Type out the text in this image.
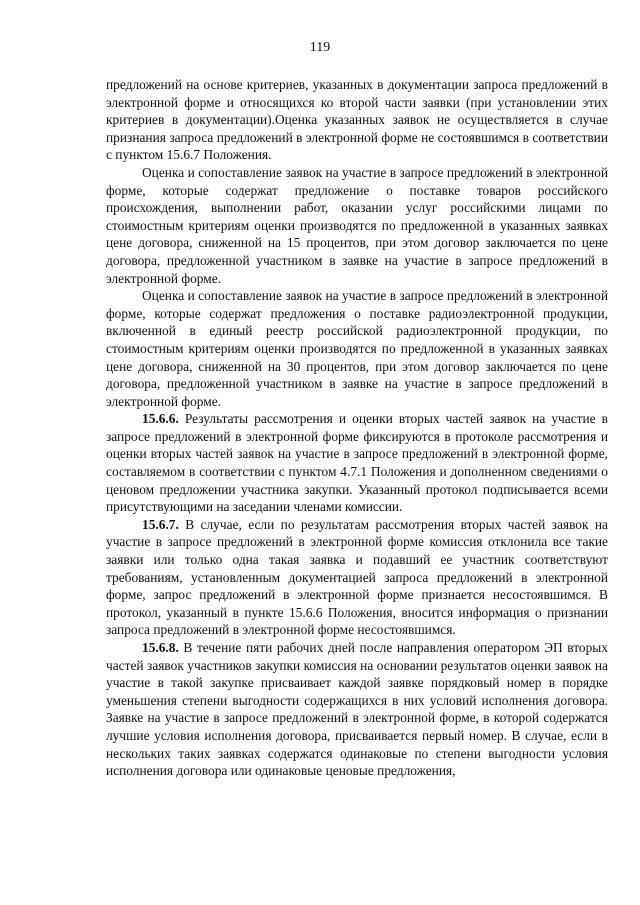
119

предложений на основе критериев, указанных в документации запроса предложений в электронной форме и относящихся ко второй части заявки (при установлении этих критериев в документации).Оценка указанных заявок не осуществляется в случае признания запроса предложений в электронной форме не состоявшимся в соответствии с пунктом 15.6.7 Положения.

Оценка и сопоставление заявок на участие в запросе предложений в электронной форме, которые содержат предложение о поставке товаров российского происхождения, выполнении работ, оказании услуг российскими лицами по стоимостным критериям оценки производятся по предложенной в указанных заявках цене договора, сниженной на 15 процентов, при этом договор заключается по цене договора, предложенной участником в заявке на участие в запросе предложений в электронной форме.

Оценка и сопоставление заявок на участие в запросе предложений в электронной форме, которые содержат предложения о поставке радиоэлектронной продукции, включенной в единый реестр российской радиоэлектронной продукции, по стоимостным критериям оценки производятся по предложенной в указанных заявках цене договора, сниженной на 30 процентов, при этом договор заключается по цене договора, предложенной участником в заявке на участие в запросе предложений в электронной форме.

15.6.6. Результаты рассмотрения и оценки вторых частей заявок на участие в запросе предложений в электронной форме фиксируются в протоколе рассмотрения и оценки вторых частей заявок на участие в запросе предложений в электронной форме, составляемом в соответствии с пунктом 4.7.1 Положения и дополненном сведениями о ценовом предложении участника закупки. Указанный протокол подписывается всеми присутствующими на заседании членами комиссии.

15.6.7. В случае, если по результатам рассмотрения вторых частей заявок на участие в запросе предложений в электронной форме комиссия отклонила все такие заявки или только одна такая заявка и подавший ее участник соответствуют требованиям, установленным документацией запроса предложений в электронной форме, запрос предложений в электронной форме признается несостоявшимся. В протокол, указанный в пункте 15.6.6 Положения, вносится информация о признании запроса предложений в электронной форме несостоявшимся.

15.6.8. В течение пяти рабочих дней после направления оператором ЭП вторых частей заявок участников закупки комиссия на основании результатов оценки заявок на участие в такой закупке присваивает каждой заявке порядковый номер в порядке уменьшения степени выгодности содержащихся в них условий исполнения договора. Заявке на участие в запросе предложений в электронной форме, в которой содержатся лучшие условия исполнения договора, присваивается первый номер. В случае, если в нескольких таких заявках содержатся одинаковые по степени выгодности условия исполнения договора или одинаковые ценовые предложения,
